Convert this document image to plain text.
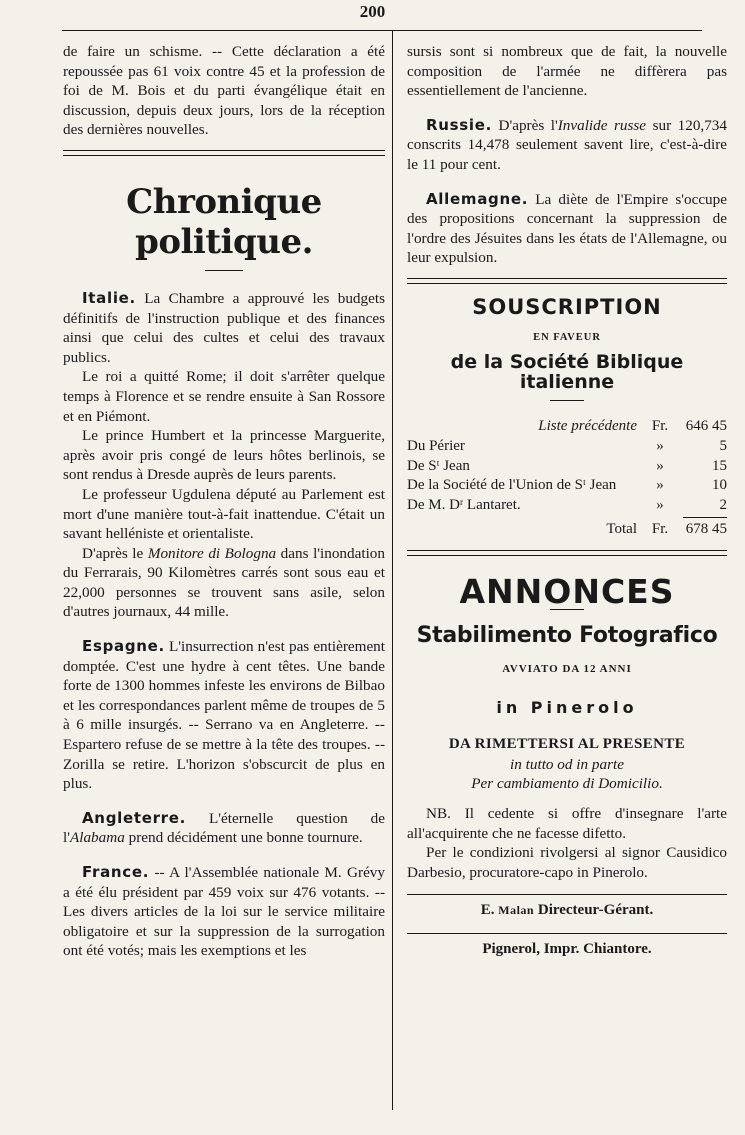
200

de faire un schisme. -- Cette déclaration a été repoussée pas 61 voix contre 45 et la profession de foi de M. Bois et du parti évangélique était en discussion, depuis deux jours, lors de la réception des dernières nouvelles.

Chronique politique.

Italie. La Chambre a approuvé les budgets définitifs de l'instruction publique et des finances ainsi que celui des cultes et celui des travaux publics.

Le roi a quitté Rome; il doit s'arrêter quelque temps à Florence et se rendre ensuite à San Rossore et en Piémont.

Le prince Humbert et la princesse Marguerite, après avoir pris congé de leurs hôtes berlinois, se sont rendus à Dresde auprès de leurs parents.

Le professeur Ugdulena député au Parlement est mort d'une manière tout-à-fait inattendue. C'était un savant helléniste et orientaliste.

D'après le Monitore di Bologna dans l'inondation du Ferrarais, 90 Kilomètres carrés sont sous eau et 22,000 personnes se trouvent sans asile, selon d'autres journaux, 44 mille.

Espagne. L'insurrection n'est pas entièrement domptée. C'est une hydre à cent têtes. Une bande forte de 1300 hommes infeste les environs de Bilbao et les correspondances parlent même de troupes de 5 à 6 mille insurgés. -- Serrano va en Angleterre. -- Espartero refuse de se mettre à la tête des troupes. -- Zorilla se retire. L'horizon s'obscurcit de plus en plus.

Angleterre. L'éternelle question de l'Alabama prend décidément une bonne tournure.

France. -- A l'Assemblée nationale M. Grévy a été élu président par 459 voix sur 476 votants. -- Les divers articles de la loi sur le service militaire obligatoire et sur la suppression de la surrogation ont été votés; mais les exemptions et les

sursis sont si nombreux que de fait, la nouvelle composition de l'armée ne diffèrera pas essentiellement de l'ancienne.

Russie. D'après l'Invalide russe sur 120,734 conscrits 14,478 seulement savent lire, c'est-à-dire le 11 pour cent.

Allemagne. La diète de l'Empire s'occupe des propositions concernant la suppression de l'ordre des Jésuites dans les états de l'Allemagne, ou leur expulsion.

SOUSCRIPTION
EN FAVEUR
de la Société Biblique italienne
Liste précédente Fr.	646 45
Du Périer	»	5
De Sᵗ Jean	»	15
De la Société de l'Union de Sᵗ Jean	»	10
De M. Dʳ Lantaret.	»	2
Total Fr.	678 45
ANNONCES
Stabilimento Fotografico
AVVIATO DA 12 ANNI
in Pinerolo
DA RIMETTERSI AL PRESENTE
in tutto od in parte
Per cambiamento di Domicilio.

NB. Il cedente si offre d'insegnare l'arte all'acquirente che ne facesse difetto.

Per le condizioni rivolgersi al signor Causidico Darbesio, procuratore-capo in Pinerolo.

E. Malan Directeur-Gérant.
Pignerol, Impr. Chiantore.
